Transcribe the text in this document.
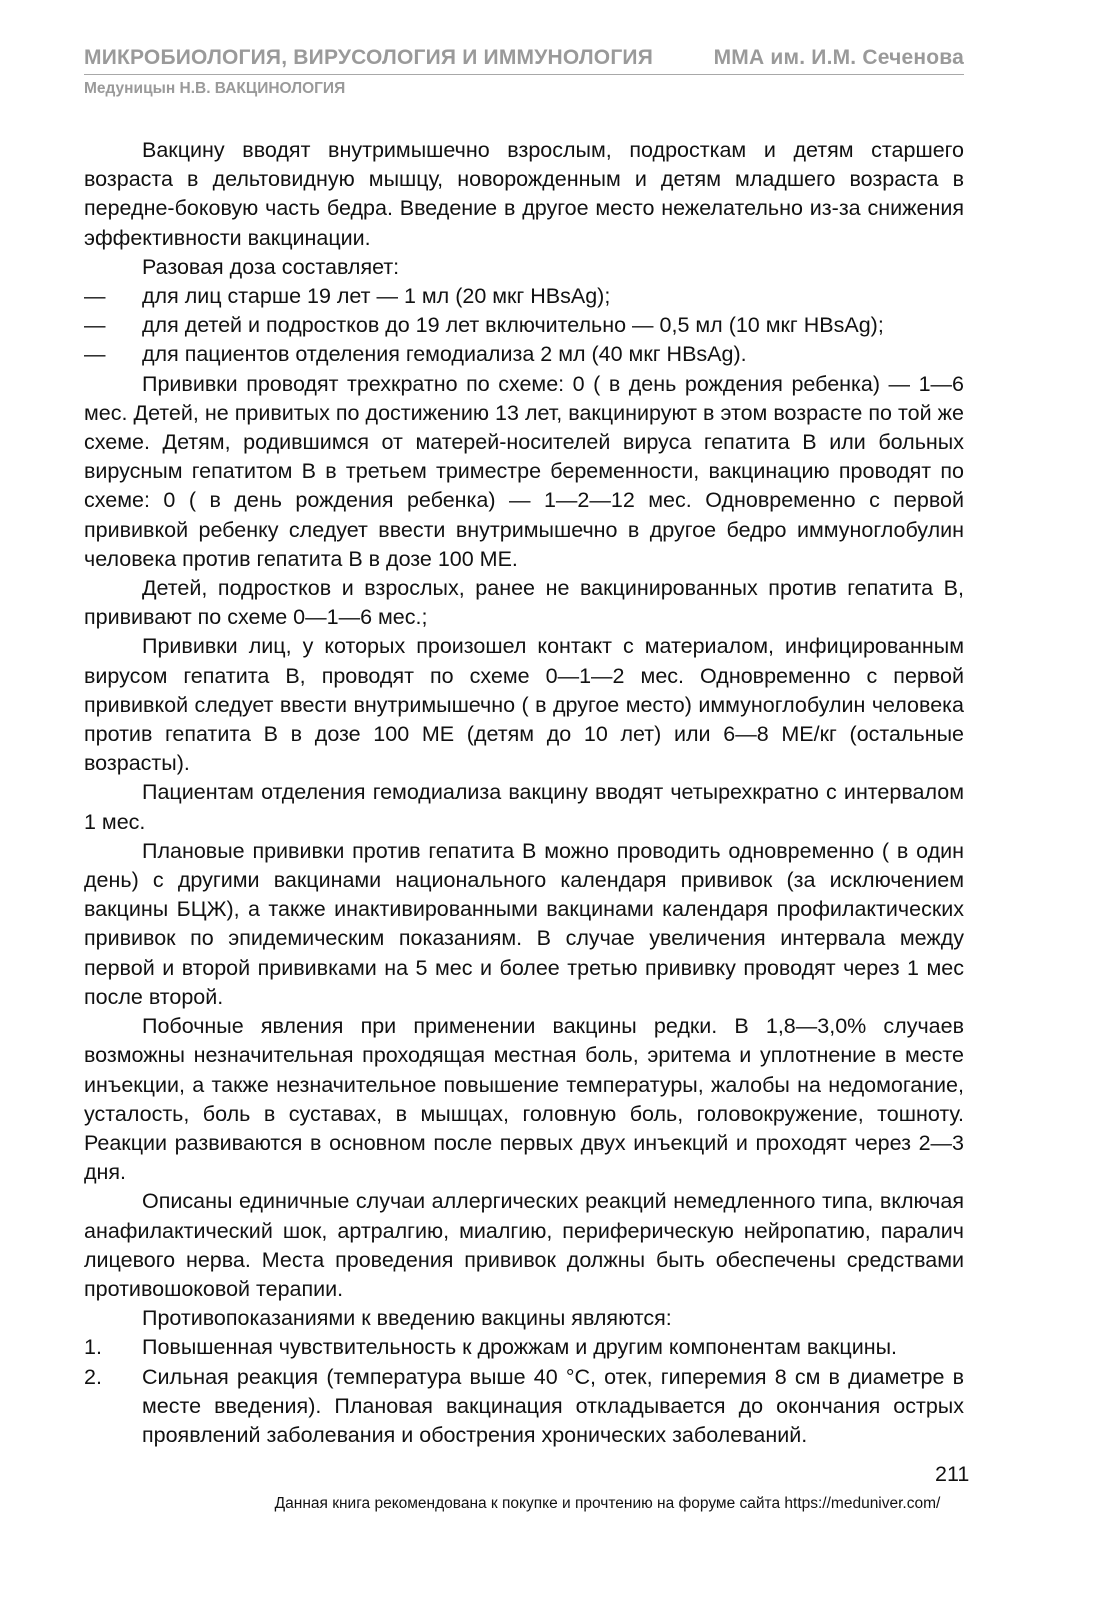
МИКРОБИОЛОГИЯ, ВИРУСОЛОГИЯ И ИММУНОЛОГИЯ	ММА им. И.М. Сеченова
Медуницын Н.В. ВАКЦИНОЛОГИЯ

Вакцину вводят внутримышечно взрослым, подросткам и детям старшего возраста в дельтовидную мышцу, новорожденным и детям младшего возраста в передне-боковую часть бедра. Введение в другое место нежелательно из-за снижения эффективности вакцинации.

Разовая доза составляет:

—	для лиц старше 19 лет — 1 мл (20 мкг HBsAg);
—	для детей и подростков до 19 лет включительно — 0,5 мл (10 мкг HBsAg);
—	для пациентов отделения гемодиализа 2 мл (40 мкг HBsAg).

Прививки проводят трехкратно по схеме: 0 ( в день рождения ребенка) — 1—6 мес. Детей, не привитых по достижению 13 лет, вакцинируют в этом возрасте по той же схеме. Детям, родившимся от матерей-носителей вируса гепатита В или больных вирусным гепатитом В в третьем триместре беременности, вакцинацию проводят по схеме: 0 ( в день рождения ребенка) — 1—2—12 мес. Одновременно с первой прививкой ребенку следует ввести внутримышечно в другое бедро иммуноглобулин человека против гепатита В в дозе 100 МЕ.

Детей, подростков и взрослых, ранее не вакцинированных против гепатита В, прививают по схеме 0—1—6 мес.;

Прививки лиц, у которых произошел контакт с материалом, инфицированным вирусом гепатита В, проводят по схеме 0—1—2 мес. Одновременно с первой прививкой следует ввести внутримышечно ( в другое место) иммуноглобулин человека против гепатита В в дозе 100 МЕ (детям до 10 лет) или 6—8 МЕ/кг (остальные возрасты).

Пациентам отделения гемодиализа вакцину вводят четырехкратно с интервалом 1 мес.

Плановые прививки против гепатита В можно проводить одновременно ( в один день) с другими вакцинами национального календаря прививок (за исключением вакцины БЦЖ), а также инактивированными вакцинами календаря профилактических прививок по эпидемическим показаниям. В случае увеличения интервала между первой и второй прививками на 5 мес и более третью прививку проводят через 1 мес после второй.

Побочные явления при применении вакцины редки. В 1,8—3,0% случаев возможны незначительная проходящая местная боль, эритема и уплотнение в месте инъекции, а также незначительное повышение температуры, жалобы на недомогание, усталость, боль в суставах, в мышцах, головную боль, головокружение, тошноту. Реакции развиваются в основном после первых двух инъекций и проходят через 2—3 дня.

Описаны единичные случаи аллергических реакций немедленного типа, включая анафилактический шок, артралгию, миалгию, периферическую нейропатию, паралич лицевого нерва. Места проведения прививок должны быть обеспечены средствами противошоковой терапии.

Противопоказаниями к введению вакцины являются:

1.	Повышенная чувствительность к дрожжам и другим компонентам вакцины.
2.	Сильная реакция (температура выше 40 °С, отек, гиперемия 8 см в диаметре в месте введения). Плановая вакцинация откладывается до окончания острых проявлений заболевания и обострения хронических заболеваний.
211
Данная книга рекомендована к покупке и прочтению на форуме сайта https://meduniver.com/
